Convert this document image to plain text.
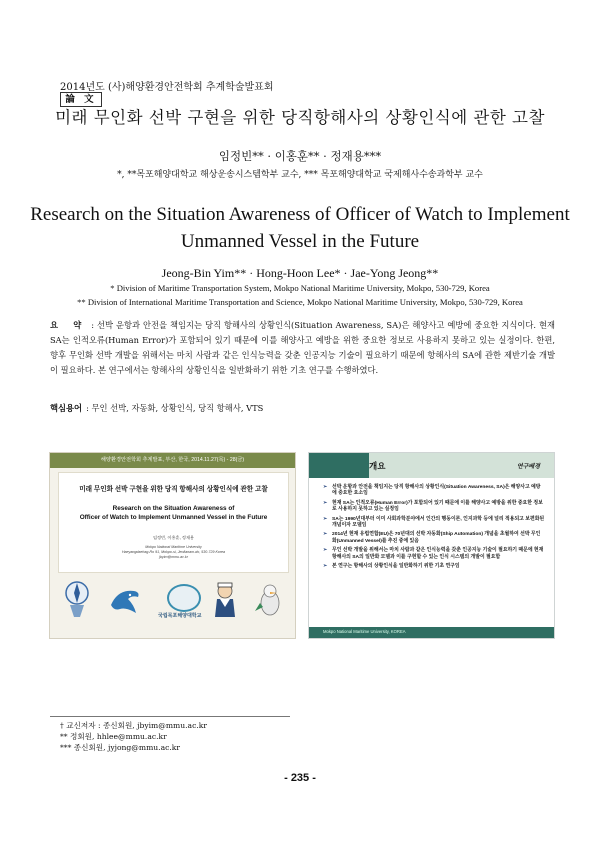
2014년도 (사)해양환경안전학회 추계학술발표회
論 文
미래 무인화 선박 구현을 위한 당직항해사의 상황인식에 관한 고찰
임정빈** · 이홍훈** · 정재용***
*, **목포해양대학교 해상운송시스템학부 교수, *** 목포해양대학교 국제해사수송과학부 교수
Research on the Situation Awareness of Officer of Watch to Implement
Unmanned Vessel in the Future
Jeong-Bin Yim** · Hong-Hoon Lee* · Jae-Yong Jeong**
* Division of Maritime Transportation System, Mokpo National Maritime University, Mokpo, 530-729, Korea
** Division of International Maritime Transportation and Science, Mokpo National Maritime University, Mokpo, 530-729, Korea
요 약 : 선박 운항과 안전을 책임지는 당직 항해사의 상황인식(Situation Awareness, SA)은 해양사고 예방에 중요한 지식이다. 현재 SA는 인적오류(Human Error)가 포함되어 있기 때문에 이를 해양사고 예방을 위한 중요한 정보로 사용하지 못하고 있는 실정이다. 한편, 향후 무인화 선박 개발을 위해서는 마치 사람과 같은 인식능력을 갖춘 인공지능 기술이 필요하기 때문에 항해사의 SA에 관한 제반기술 개발이 필요하다. 본 연구에서는 항해사의 상황인식을 일반화하기 위한 기초 연구를 수행하였다.
핵심용어 : 무인 선박, 자동화, 상황인식, 당직 항해사, VTS
해양환경안전학회 추계발표, 부산, 한국, 2014.11.27(목) - 28(금)
미래 무인화 선박 구현을 위한 당직 항해사의 상황인식에 관한 고찰
Research on the Situation Awareness of
Officer of Watch to Implement Unmanned Vessel in the Future
임정빈, 이홍훈, 정재용
Mokpo National Maritime University
Haeyangdaehag-Ro 91, Mokpo-si, Jeollanam-do, 530-729 Korea
jbyim@mmu.ac.kr
국립목포해양대학교
개요	연구배경
➢ 선박 운항과 안전을 책임지는 당직 항해사의 상황인식(Situation Awareness, SA)은 해양사고 예방에 중요한 요소임
➢ 현재 SA는 인적오류(Human Error)가 포함되어 있기 때문에 이를 해양사고 예방을 위한 중요한 정보로 사용하지 못하고 있는 실정임
➢ SA는 1990년대부터 이미 사회과학분야에서 인간의 행동이론, 인지과학 등에 널리 적용되고 보편화된 개념이자 모델임
➢ 2014년 현재 유럽연합(EU)은 70년대의 선박 자동화(Ship Automation) 개념을 초월하여 선박 무인화(Unmanned Vessel)를 추진 중에 있음
➢ 무인 선박 개발을 위해서는 마치 사람과 같은 인식능력을 갖춘 인공지능 기술이 필요하기 때문에 현재 항해사의 SA의 일반화 모델과 이를 구현할 수 있는 인식 시스템의 개발이 필요함
➢ 본 연구는 항해사의 상황인식을 일반화하기 위한 기초 연구임
Mokpo National Maritime University, KOREA
† 교신저자 : 종신회원, jbyim@mmu.ac.kr
** 정회원, hhlee@mmu.ac.kr
*** 종신회원, jyjong@mmu.ac.kr
- 235 -
